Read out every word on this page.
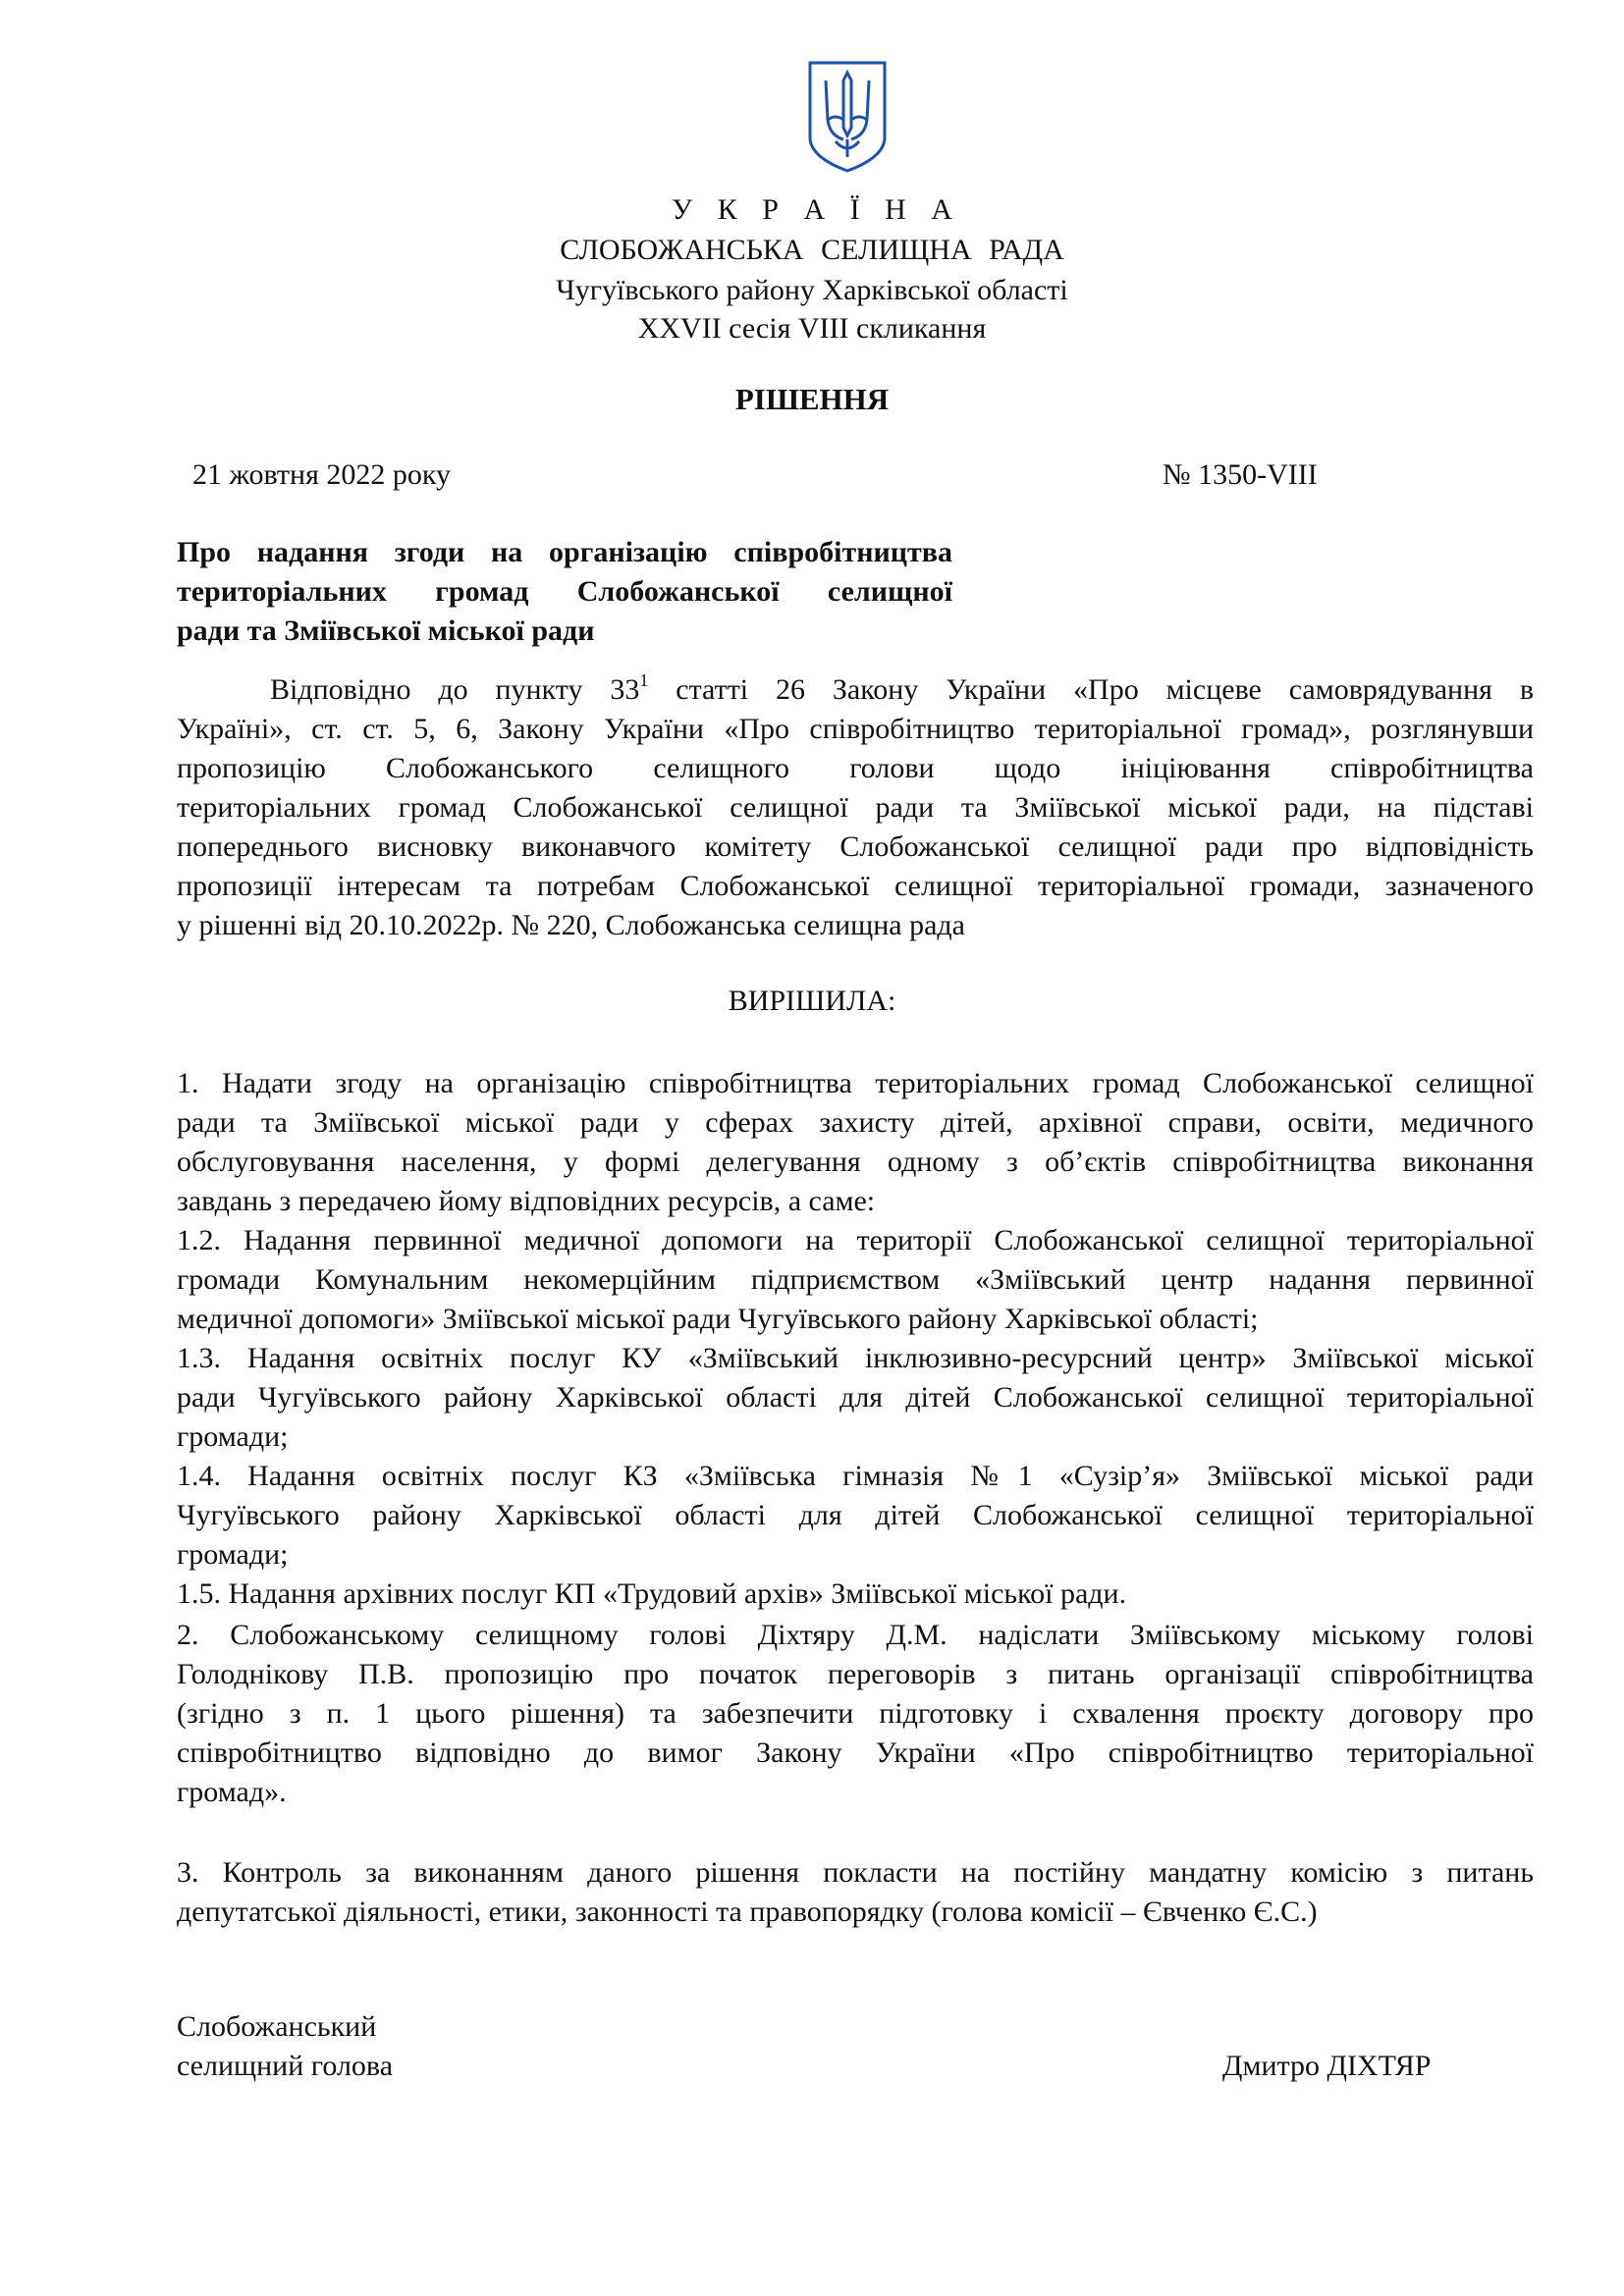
У К Р А Ї Н А
СЛОБОЖАНСЬКА СЕЛИЩНА РАДА
Чугуївського району Харківської області
XXVII сесія VIII скликання
РІШЕННЯ
21 жовтня 2022 року	№ 1350-VIII
Про надання згоди на організацію співробітництва
територіальних громад Слобожанської селищної
ради та Зміївської міської ради
Відповідно до пункту $33^1$ статті 26 Закону України «Про місцеве самоврядування в
Україні», ст. ст. 5, 6, Закону України «Про співробітництво територіальної громад», розглянувши
пропозицію Слобожанського селищного голови щодо ініціювання співробітництва
територіальних громад Слобожанської селищної ради та Зміївської міської ради, на підставі
попереднього висновку виконавчого комітету Слобожанської селищної ради про відповідність
пропозиції інтересам та потребам Слобожанської селищної територіальної громади, зазначеного
у рішенні від 20.10.2022р. № 220, Слобожанська селищна рада
ВИРІШИЛА:
1. Надати згоду на організацію співробітництва територіальних громад Слобожанської селищної
ради та Зміївської міської ради у сферах захисту дітей, архівної справи, освіти, медичного
обслуговування населення, у формі делегування одному з об’єктів співробітництва виконання
завдань з передачею йому відповідних ресурсів, а саме:
1.2. Надання первинної медичної допомоги на території Слобожанської селищної територіальної
громади Комунальним некомерційним підприємством «Зміївський центр надання первинної
медичної допомоги» Зміївської міської ради Чугуївського району Харківської області;
1.3. Надання освітніх послуг КУ «Зміївський інклюзивно-ресурсний центр» Зміївської міської
ради Чугуївського району Харківської області для дітей Слобожанської селищної територіальної
громади;
1.4. Надання освітніх послуг КЗ «Зміївська гімназія №1 «Сузір’я» Зміївської міської ради
Чугуївського району Харківської області для дітей Слобожанської селищної територіальної
громади;
1.5. Надання архівних послуг КП «Трудовий архів» Зміївської міської ради.
2. Слобожанському селищному голові Діхтяру Д.М. надіслати Зміївському міському голові
Голоднікову П.В. пропозицію про початок переговорів з питань організації співробітництва
(згідно з п. 1 цього рішення) та забезпечити підготовку і схвалення проєкту договору про
співробітництво відповідно до вимог Закону України «Про співробітництво територіальної
громад».
3. Контроль за виконанням даного рішення покласти на постійну мандатну комісію з питань
депутатської діяльності, етики, законності та правопорядку (голова комісії – Євченко Є.С.)
Слобожанський
селищний голова	Дмитро ДІХТЯР
